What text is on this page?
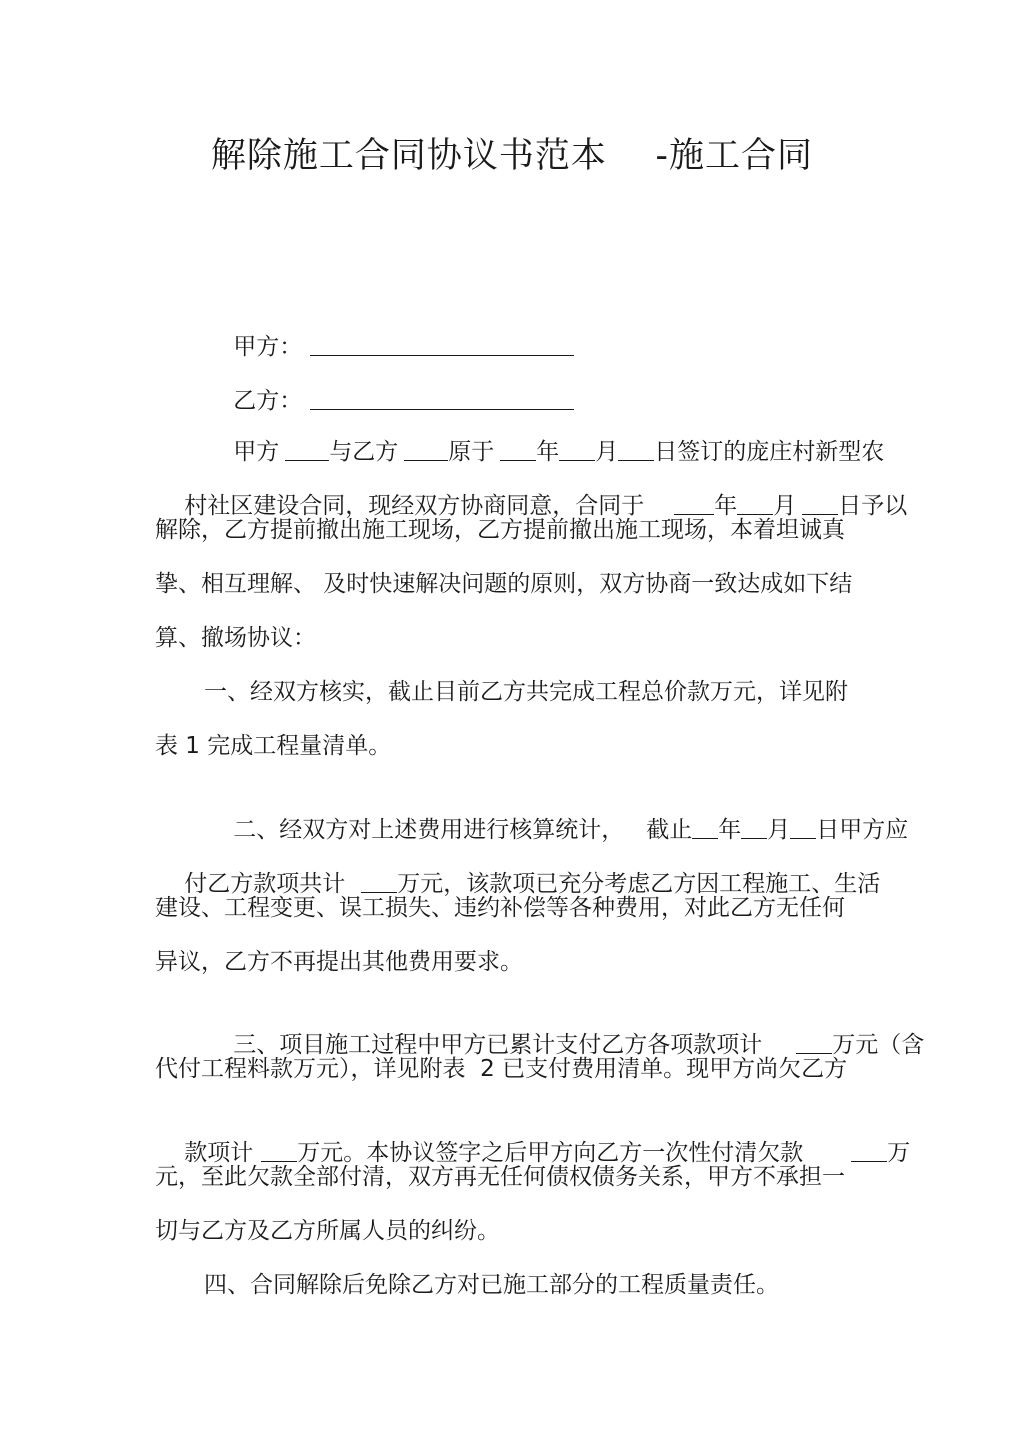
解除施工合同协议书范本    -施工合同

甲方：

乙方：

甲方 与乙方 原于 年 月 日签订的庞庄村新型农

村社区建设合同，现经双方协商同意，合同于	年 月 日予以

解除，乙方提前撤出施工现场，乙方提前撤出施工现场，本着坦诚真
挚、相互理解、 及时快速解决问题的原则，双方协商一致达成如下结
算、撤场协议：
一、经双方核实，截止目前乙方共完成工程总价款万元，详见附
表 1 完成工程量清单。

二、经双方对上述费用进行核算统计， 截止 年 月 日甲方应

付乙方款项共计 万元，该款项已充分考虑乙方因工程施工、生活

建设、工程变更、误工损失、违约补偿等各种费用，对此乙方无任何
异议，乙方不再提出其他费用要求。

三、项目施工过程中甲方已累计支付乙方各项款项计	万元（含

代付工程料款万元），详见附表  2 已支付费用清单。现甲方尚欠乙方

款项计 万元。本协议签字之后甲方向乙方一次性付清欠款	万

元，至此欠款全部付清，双方再无任何债权债务关系，甲方不承担一
切与乙方及乙方所属人员的纠纷。
四、合同解除后免除乙方对已施工部分的工程质量责任。
